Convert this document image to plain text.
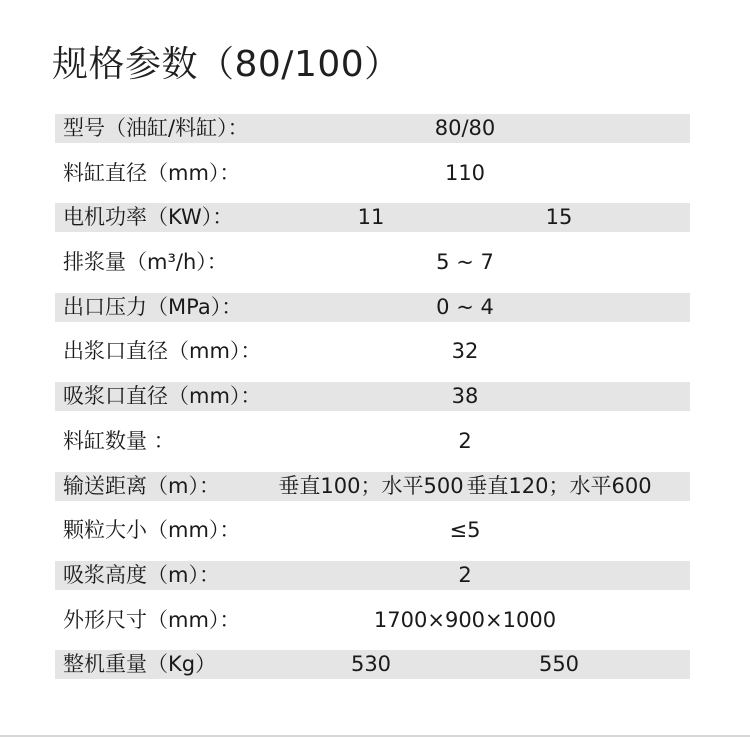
规格参数（80/100）
型号（油缸/料缸）：	80/80
料缸直径（mm）：	110
电机功率（KW）：	11	15
排浆量（m³/h）：	5 ~ 7
出口压力（MPa）：	0 ~ 4
出浆口直径（mm）：	32
吸浆口直径（mm）：	38
料缸数量 ：	2
输送距离（m）：	垂直100；水平500 垂直120；水平600
颗粒大小（mm）：	≤5
吸浆高度（m）：	2
外形尺寸（mm）：	1700×900×1000
整机重量（Kg）	530	550
